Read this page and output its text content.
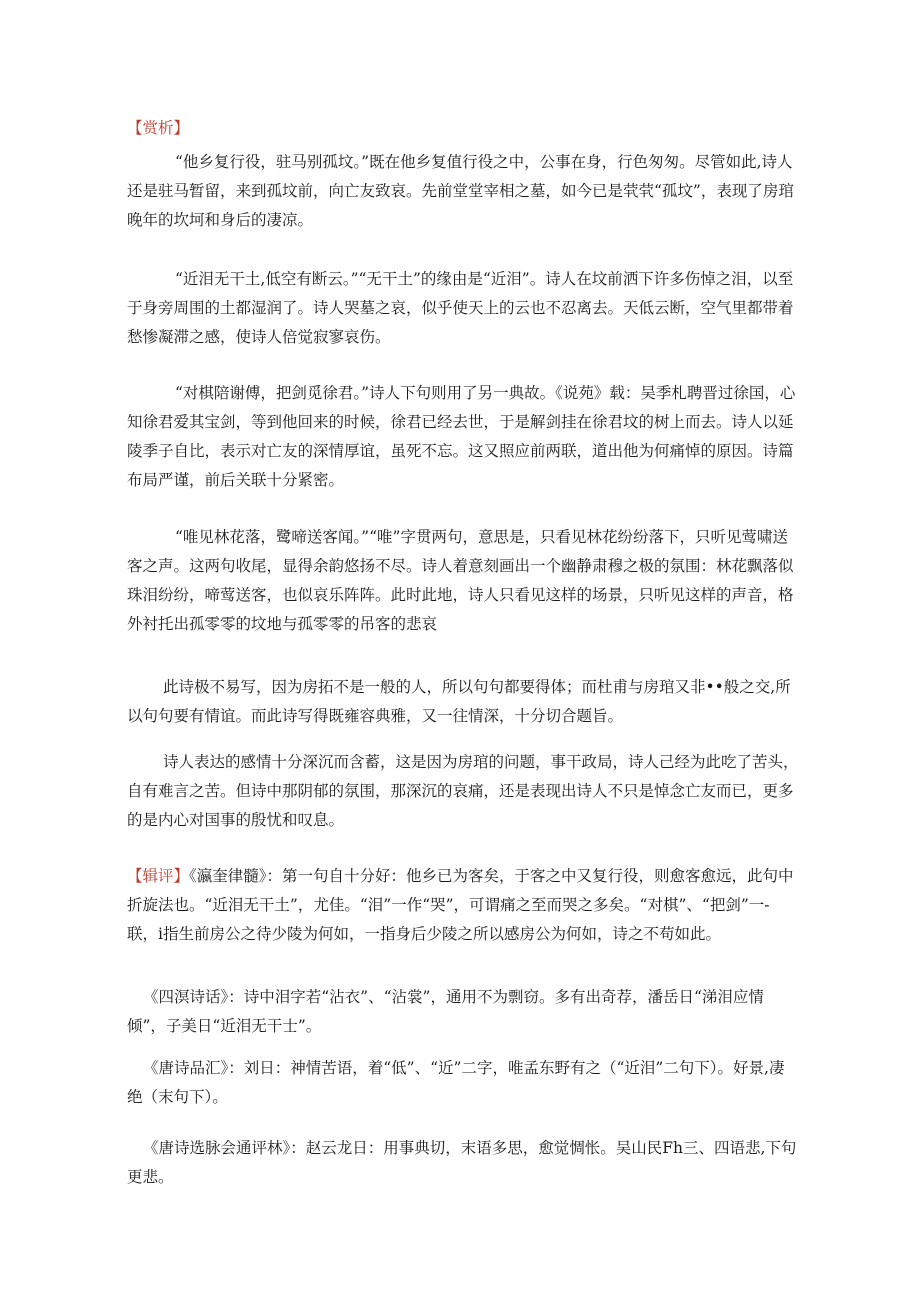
【赏析】

“他乡复行役，驻马别孤坟。”既在他乡复值行役之中，公事在身，行色匆匆。尽管如此,诗人还是驻马暂留，来到孤坟前，向亡友致哀。先前堂堂宰相之墓，如今已是茕茕“孤坟”，表现了房琯晚年的坎坷和身后的凄凉。

“近泪无干土,低空有断云。”“无干土”的缘由是“近泪”。诗人在坟前洒下许多伤悼之泪，以至于身旁周围的土都湿润了。诗人哭墓之哀，似乎使天上的云也不忍离去。天低云断，空气里都带着愁惨凝滞之感，使诗人倍觉寂寥哀伤。

“对棋陪谢傅，把剑觅徐君。”诗人下句则用了另一典故。《说苑》载：吴季札聘晋过徐国，心知徐君爱其宝剑，等到他回来的时候，徐君已经去世，于是解剑挂在徐君坟的树上而去。诗人以延陵季子自比，表示对亡友的深情厚谊，虽死不忘。这又照应前两联，道出他为何痛悼的原因。诗篇布局严谨，前后关联十分紧密。

“唯见林花落，鹭啼送客闻。”“唯”字贯两句，意思是，只看见林花纷纷落下，只听见莺啸送客之声。这两句收尾，显得余韵悠扬不尽。诗人着意刻画出一个幽静肃穆之极的氛围：林花飘落似珠泪纷纷，啼莺送客，也似哀乐阵阵。此时此地，诗人只看见这样的场景，只听见这样的声音，格外衬托出孤零零的坟地与孤零零的吊客的悲哀

此诗极不易写，因为房拓不是一般的人，所以句句都要得体；而杜甫与房琯又非••般之交,所以句句要有情谊。而此诗写得既雍容典雅，又一往情深，十分切合题旨。

诗人表达的感情十分深沉而含蓄，这是因为房琯的问题，事干政局，诗人己经为此吃了苦头，自有难言之苦。但诗中那阴郁的氛围，那深沉的哀痛，还是表现出诗人不只是悼念亡友而已，更多的是内心对国事的殷忧和叹息。

【辑评】《瀛奎律髓》：第一句自十分好：他乡已为客矣，于客之中又复行役，则愈客愈远，此句中折旋法也。“近泪无干土”，尤佳。“泪”一作“哭”，可谓痛之至而哭之多矣。“对棋”、“把剑”一-联，i指生前房公之待少陵为何如，一指身后少陵之所以感房公为何如，诗之不苟如此。

《四溟诗话》：诗中泪字若“沾衣”、“沾裳”，通用不为剽窃。多有出奇荐，潘岳日“涕泪应情倾”，子美日“近泪无干士”。

《唐诗品汇》：刘日：神情苦语，着“低”、“近”二字，唯孟东野有之（“近泪”二句下）。好景,凄绝（末句下）。

《唐诗选脉会通评林》：赵云龙日：用事典切，末语多思，愈觉惆怅。吴山民Fh三、四语悲,下句更悲。
